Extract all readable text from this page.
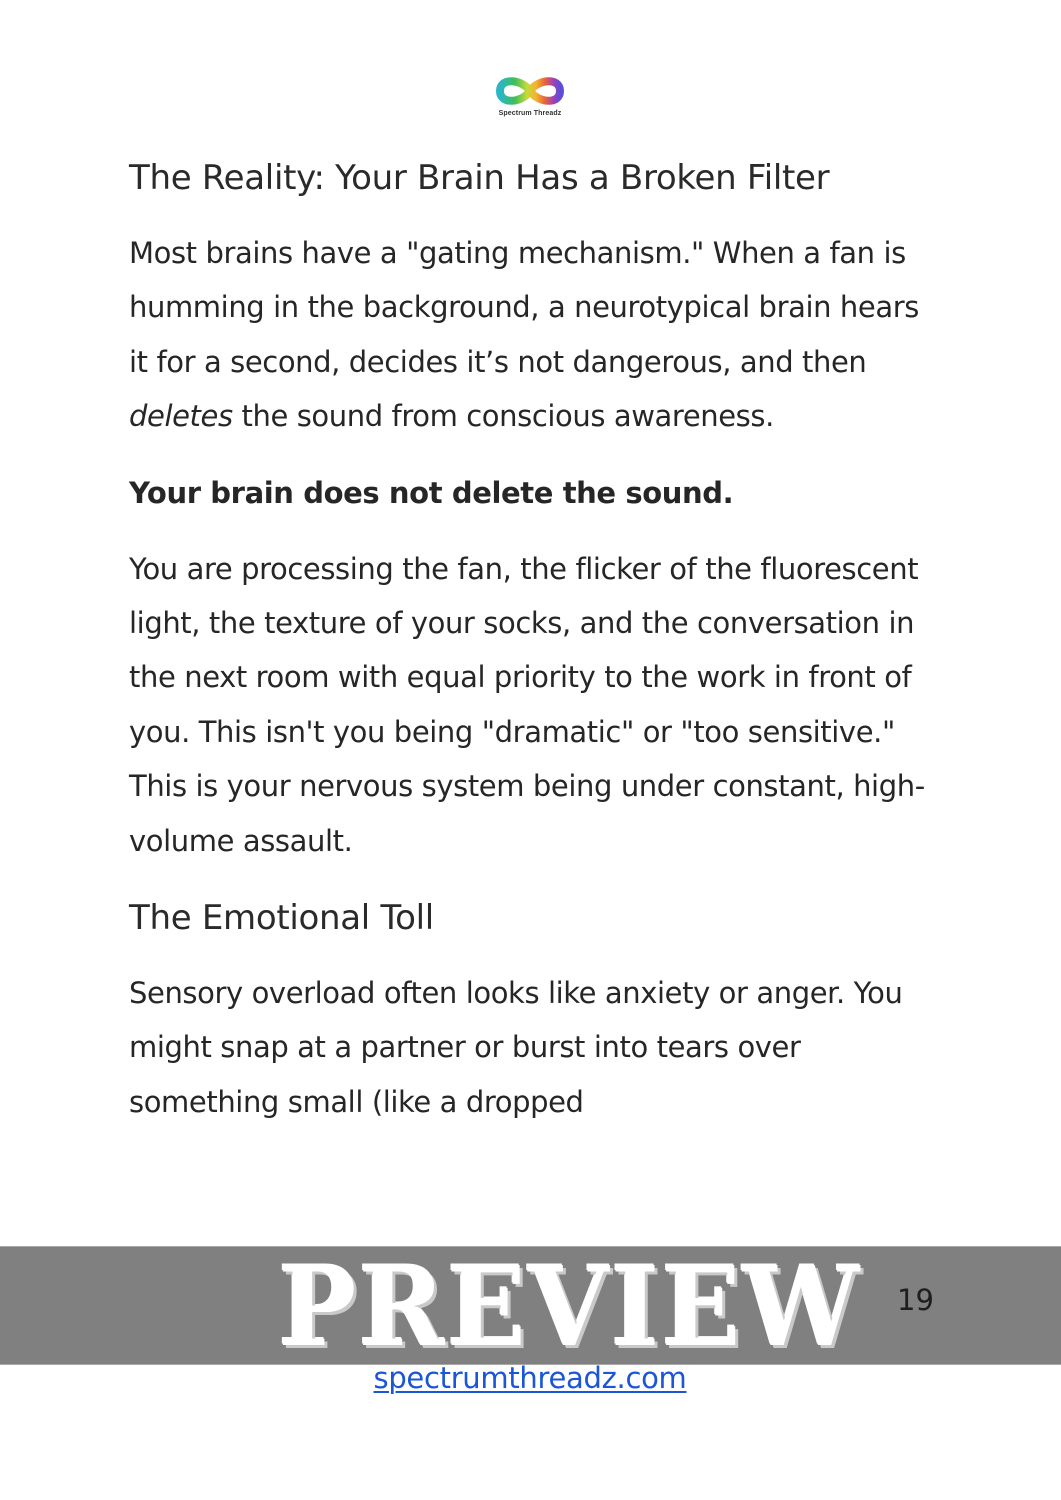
Spectrum Threadz
The Reality: Your Brain Has a Broken Filter

Most brains have a "gating mechanism." When a fan is humming in the background, a neurotypical brain hears it for a second, decides it’s not dangerous, and then deletes the sound from conscious awareness.

Your brain does not delete the sound.

You are processing the fan, the flicker of the fluorescent light, the texture of your socks, and the conversation in the next room with equal priority to the work in front of you. This isn't you being "dramatic" or "too sensitive." This is your nervous system being under constant, high-volume assault.

The Emotional Toll

Sensory overload often looks like anxiety or anger. You might snap at a partner or burst into tears over something small (like a dropped

PREVIEW 19
spectrumthreadz.com
